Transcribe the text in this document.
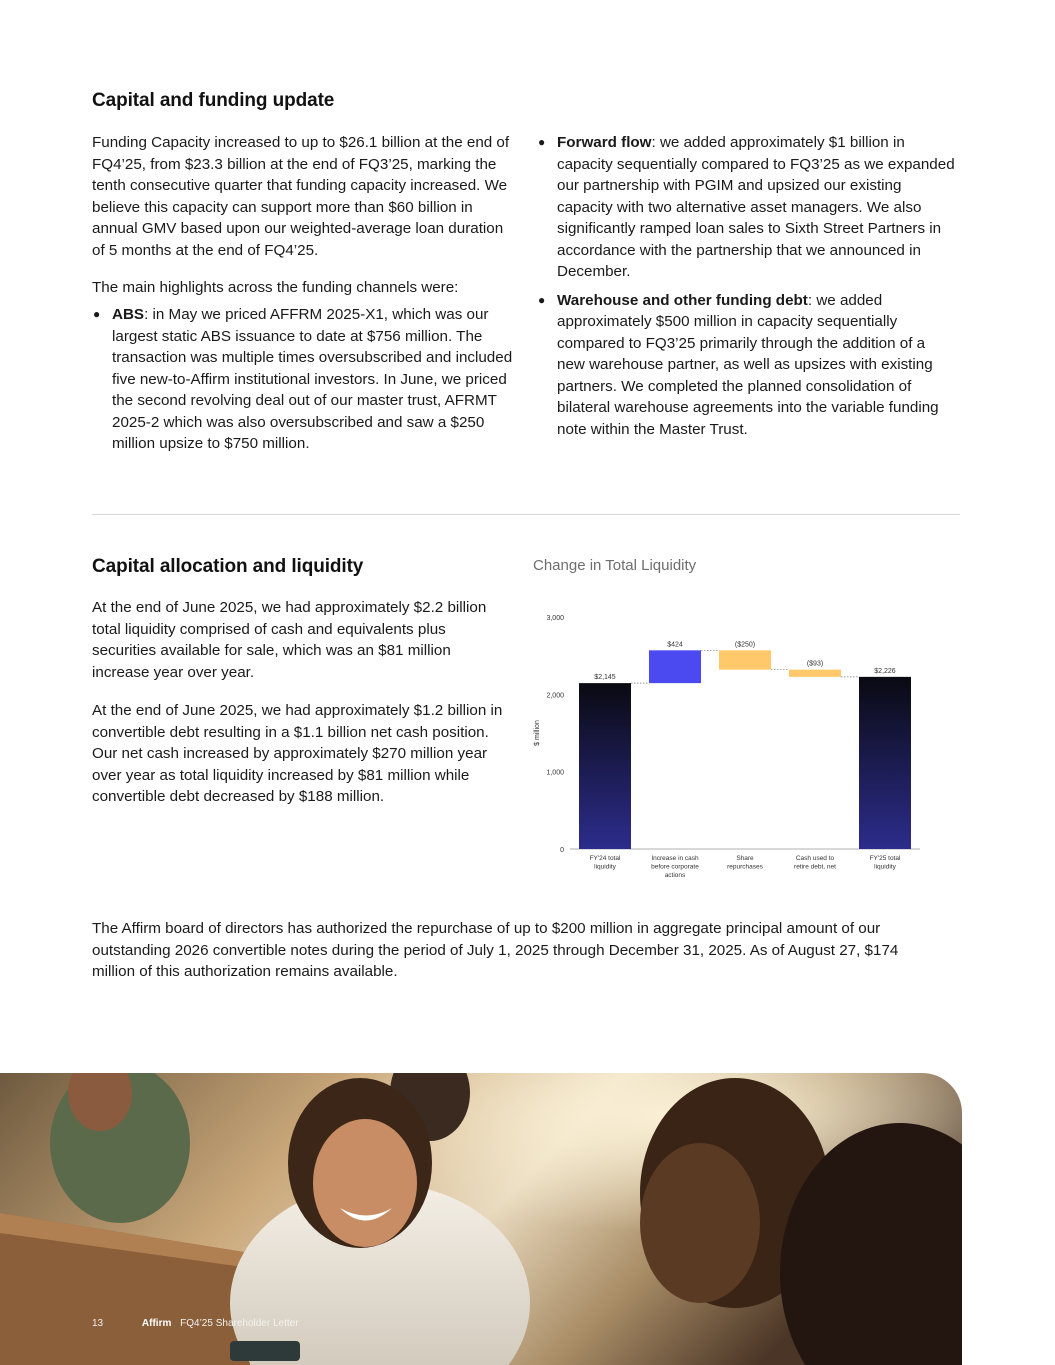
Capital and funding update

Funding Capacity increased to up to $26.1 billion at the end of FQ4’25, from $23.3 billion at the end of FQ3’25, marking the tenth consecutive quarter that funding capacity increased. We believe this capacity can support more than $60 billion in annual GMV based upon our weighted-average loan duration of 5 months at the end of FQ4’25.

The main highlights across the funding channels were:

● ABS: in May we priced AFFRM 2025-X1, which was our largest static ABS issuance to date at $756 million. The transaction was multiple times oversubscribed and included five new-to-Affirm institutional investors. In June, we priced the second revolving deal out of our master trust, AFRMT 2025-2 which was also oversubscribed and saw a $250 million upsize to $750 million.
● Forward flow: we added approximately $1 billion in capacity sequentially compared to FQ3’25 as we expanded our partnership with PGIM and upsized our existing capacity with two alternative asset managers. We also significantly ramped loan sales to Sixth Street Partners in accordance with the partnership that we announced in December.
● Warehouse and other funding debt: we added approximately $500 million in capacity sequentially compared to FQ3’25 primarily through the addition of a new warehouse partner, as well as upsizes with existing partners. We completed the planned consolidation of bilateral warehouse agreements into the variable funding note within the Master Trust.
Capital allocation and liquidity

At the end of June 2025, we had approximately $2.2 billion total liquidity comprised of cash and equivalents plus securities available for sale, which was an $81 million increase year over year.

At the end of June 2025, we had approximately $1.2 billion in convertible debt resulting in a $1.1 billion net cash position. Our net cash increased by approximately $270 million year over year as total liquidity increased by $81 million while convertible debt decreased by $188 million.

Change in Total Liquidity
0
1,000
2,000
3,000
$ million
$2,145
FY'24 total
liquidity
$424
Increase in cash
before corporate
actions
($250)
Share
repurchases
($93)
Cash used to
retire debt, net
$2,226
FY'25 total
liquidity

The Affirm board of directors has authorized the repurchase of up to $200 million in aggregate principal amount of our outstanding 2026 convertible notes during the period of July 1, 2025 through December 31, 2025. As of August 27, $174 million of this authorization remains available.

13	Affirm FQ4’25 Shareholder Letter
